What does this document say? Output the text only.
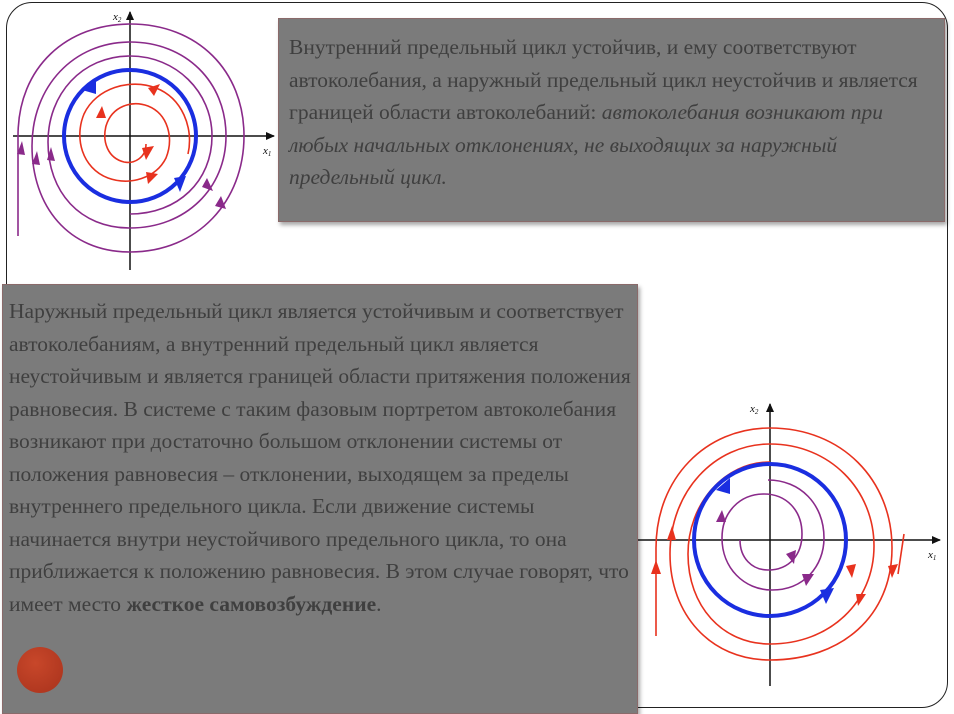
x1
x2

Внутренний предельный цикл устойчив, и ему соответствуют автоколебания, а наружный предельный цикл неустойчив и является границей области автоколебаний: автоколебания возникают при любых начальных отклонениях, не выходящих за наружный предельный цикл.

Наружный предельный цикл является устойчивым и соответствует автоколебаниям, а внутренний предельный цикл является неустойчивым и является границей области притяжения положения равновесия. В системе с таким фазовым портретом автоколебания возникают при достаточно большом отклонении системы от положения равновесия – отклонении, выходящем за пределы внутреннего предельного цикла. Если движение системы начинается внутри неустойчивого предельного цикла, то она приближается к положению равновесия. В этом случае говорят, что имеет место жесткое самовозбуждение.

x1
x2
